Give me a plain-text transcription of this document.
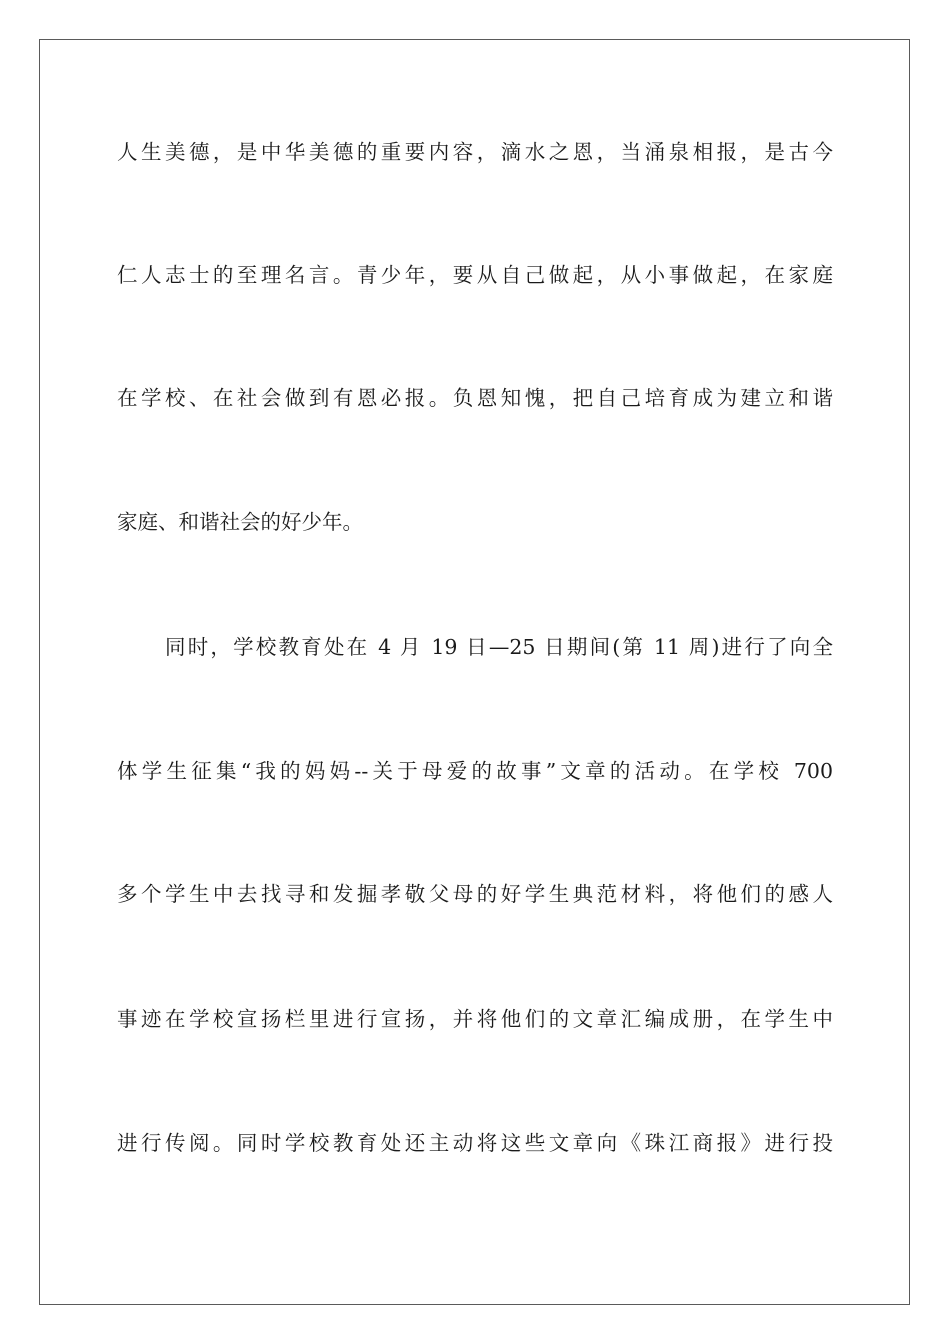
人生美德，是中华美德的重要内容，滴水之恩，当涌泉相报，是古今
仁人志士的至理名言。青少年，要从自己做起，从小事做起，在家庭
在学校、在社会做到有恩必报。负恩知愧，把自己培育成为建立和谐
家庭、和谐社会的好少年。
同时，学校教育处在 4 月 19 日—25 日期间(第 11 周)进行了向全
体学生征集“我的妈妈--关于母爱的故事”文章的活动。在学校 700
多个学生中去找寻和发掘孝敬父母的好学生典范材料，将他们的感人
事迹在学校宣扬栏里进行宣扬，并将他们的文章汇编成册，在学生中
进行传阅。同时学校教育处还主动将这些文章向《珠江商报》进行投
